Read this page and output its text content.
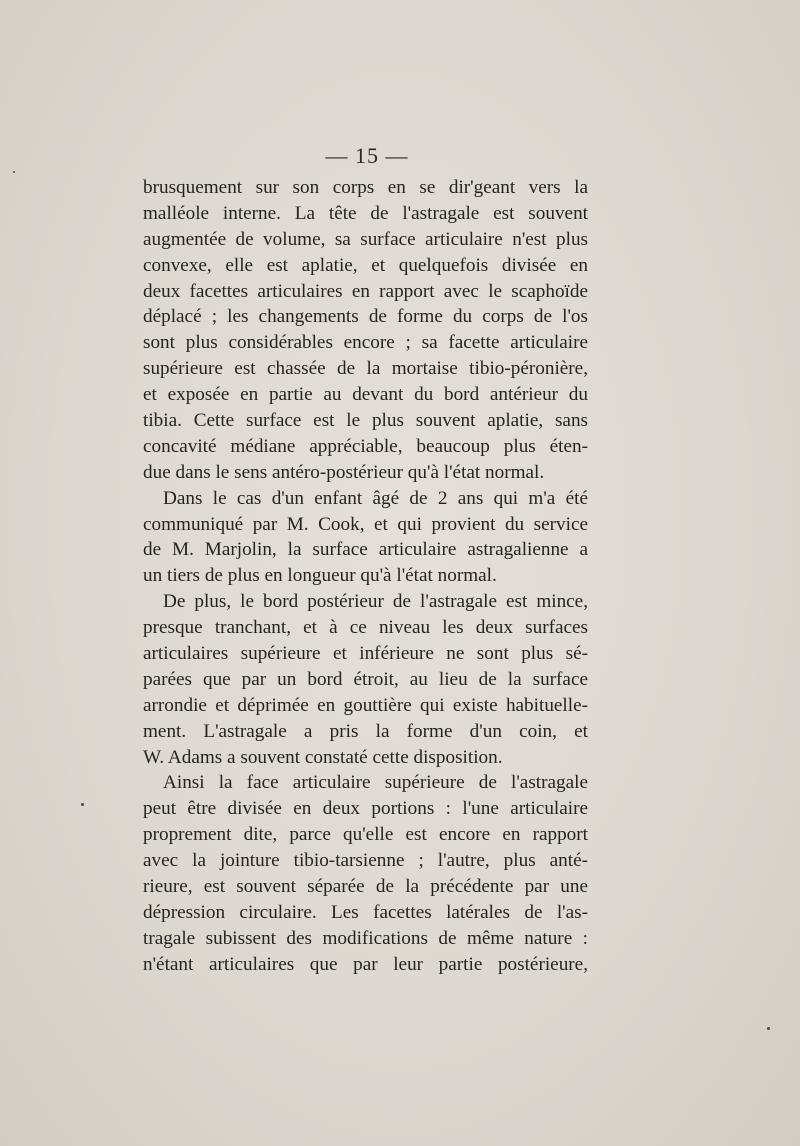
— 15 —
brusquement sur son corps en se dir'geant vers la
malléole interne. La tête de l'astragale est souvent
augmentée de volume, sa surface articulaire n'est plus
convexe, elle est aplatie, et quelquefois divisée en
deux facettes articulaires en rapport avec le scaphoïde
déplacé ; les changements de forme du corps de l'os
sont plus considérables encore ; sa facette articulaire
supérieure est chassée de la mortaise tibio-péronière,
et exposée en partie au devant du bord antérieur du
tibia. Cette surface est le plus souvent aplatie, sans
concavité médiane appréciable, beaucoup plus éten-
due dans le sens antéro-postérieur qu'à l'état normal.
Dans le cas d'un enfant âgé de 2 ans qui m'a été
communiqué par M. Cook, et qui provient du service
de M. Marjolin, la surface articulaire astragalienne a
un tiers de plus en longueur qu'à l'état normal.
De plus, le bord postérieur de l'astragale est mince,
presque tranchant, et à ce niveau les deux surfaces
articulaires supérieure et inférieure ne sont plus sé-
parées que par un bord étroit, au lieu de la surface
arrondie et déprimée en gouttière qui existe habituelle-
ment. L'astragale a pris la forme d'un coin, et
W. Adams a souvent constaté cette disposition.
Ainsi la face articulaire supérieure de l'astragale
peut être divisée en deux portions : l'une articulaire
proprement dite, parce qu'elle est encore en rapport
avec la jointure tibio-tarsienne ; l'autre, plus anté-
rieure, est souvent séparée de la précédente par une
dépression circulaire. Les facettes latérales de l'as-
tragale subissent des modifications de même nature :
n'étant articulaires que par leur partie postérieure,
